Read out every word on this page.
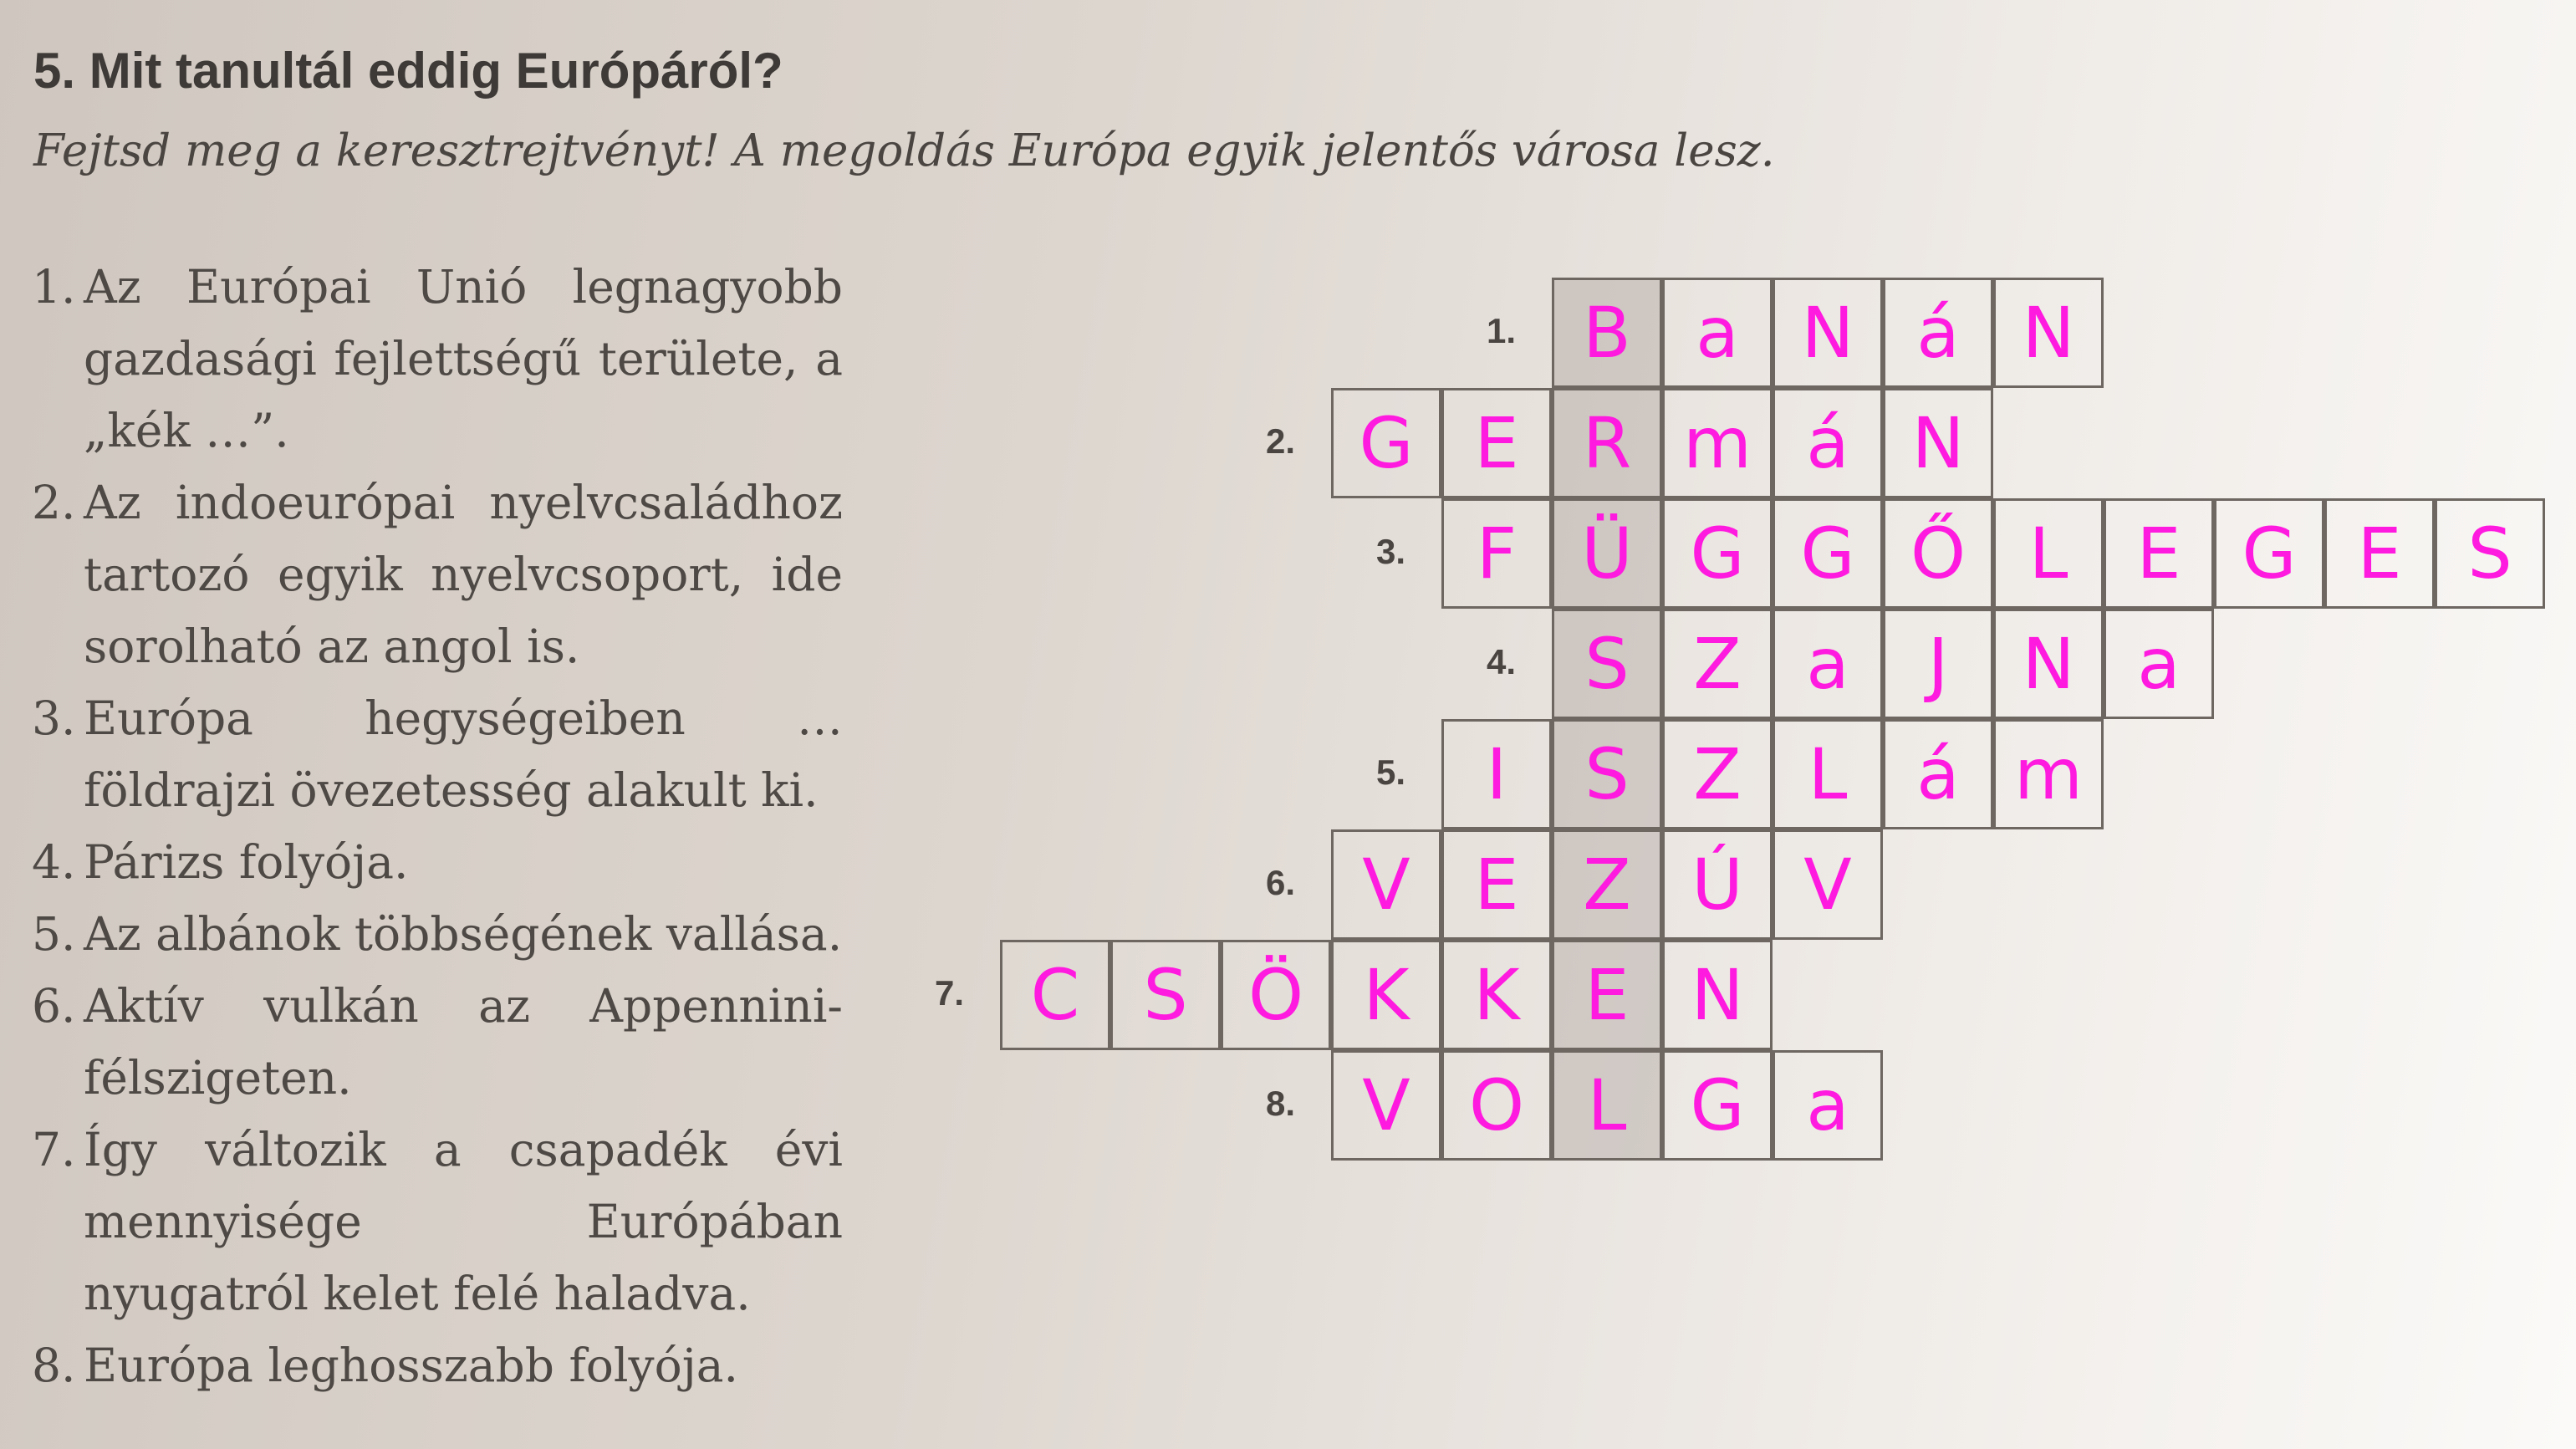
5. Mit tanultál eddig Európáról?

Fejtsd meg a keresztrejtvényt! A megoldás Európa egyik jelentős városa lesz.

1. Az Európai Unió legnagyobb gazdasági fejlettségű területe, a „kék …”.
2. Az indoeurópai nyelvcsaládhoz tartozó egyik nyelvcsoport, ide sorolható az angol is.
3. Európa hegységeiben … földrajzi övezetesség alakult ki.
4. Párizs folyója.
5. Az albánok többségének vallása.
6. Aktív vulkán az Appennini-félszigeten.
7. Így változik a csapadék évi mennyisége Európában nyugatról kelet felé haladva.
8. Európa leghosszabb folyója.
1. B a N á N
2. G E R m á N
3.	F Ü G G Ő L E G E S
4. S Z a	J	N a
5.	I	S Z L á m
6. V E Z Ú V
7. C S Ö K K E N
8. V O L G a
